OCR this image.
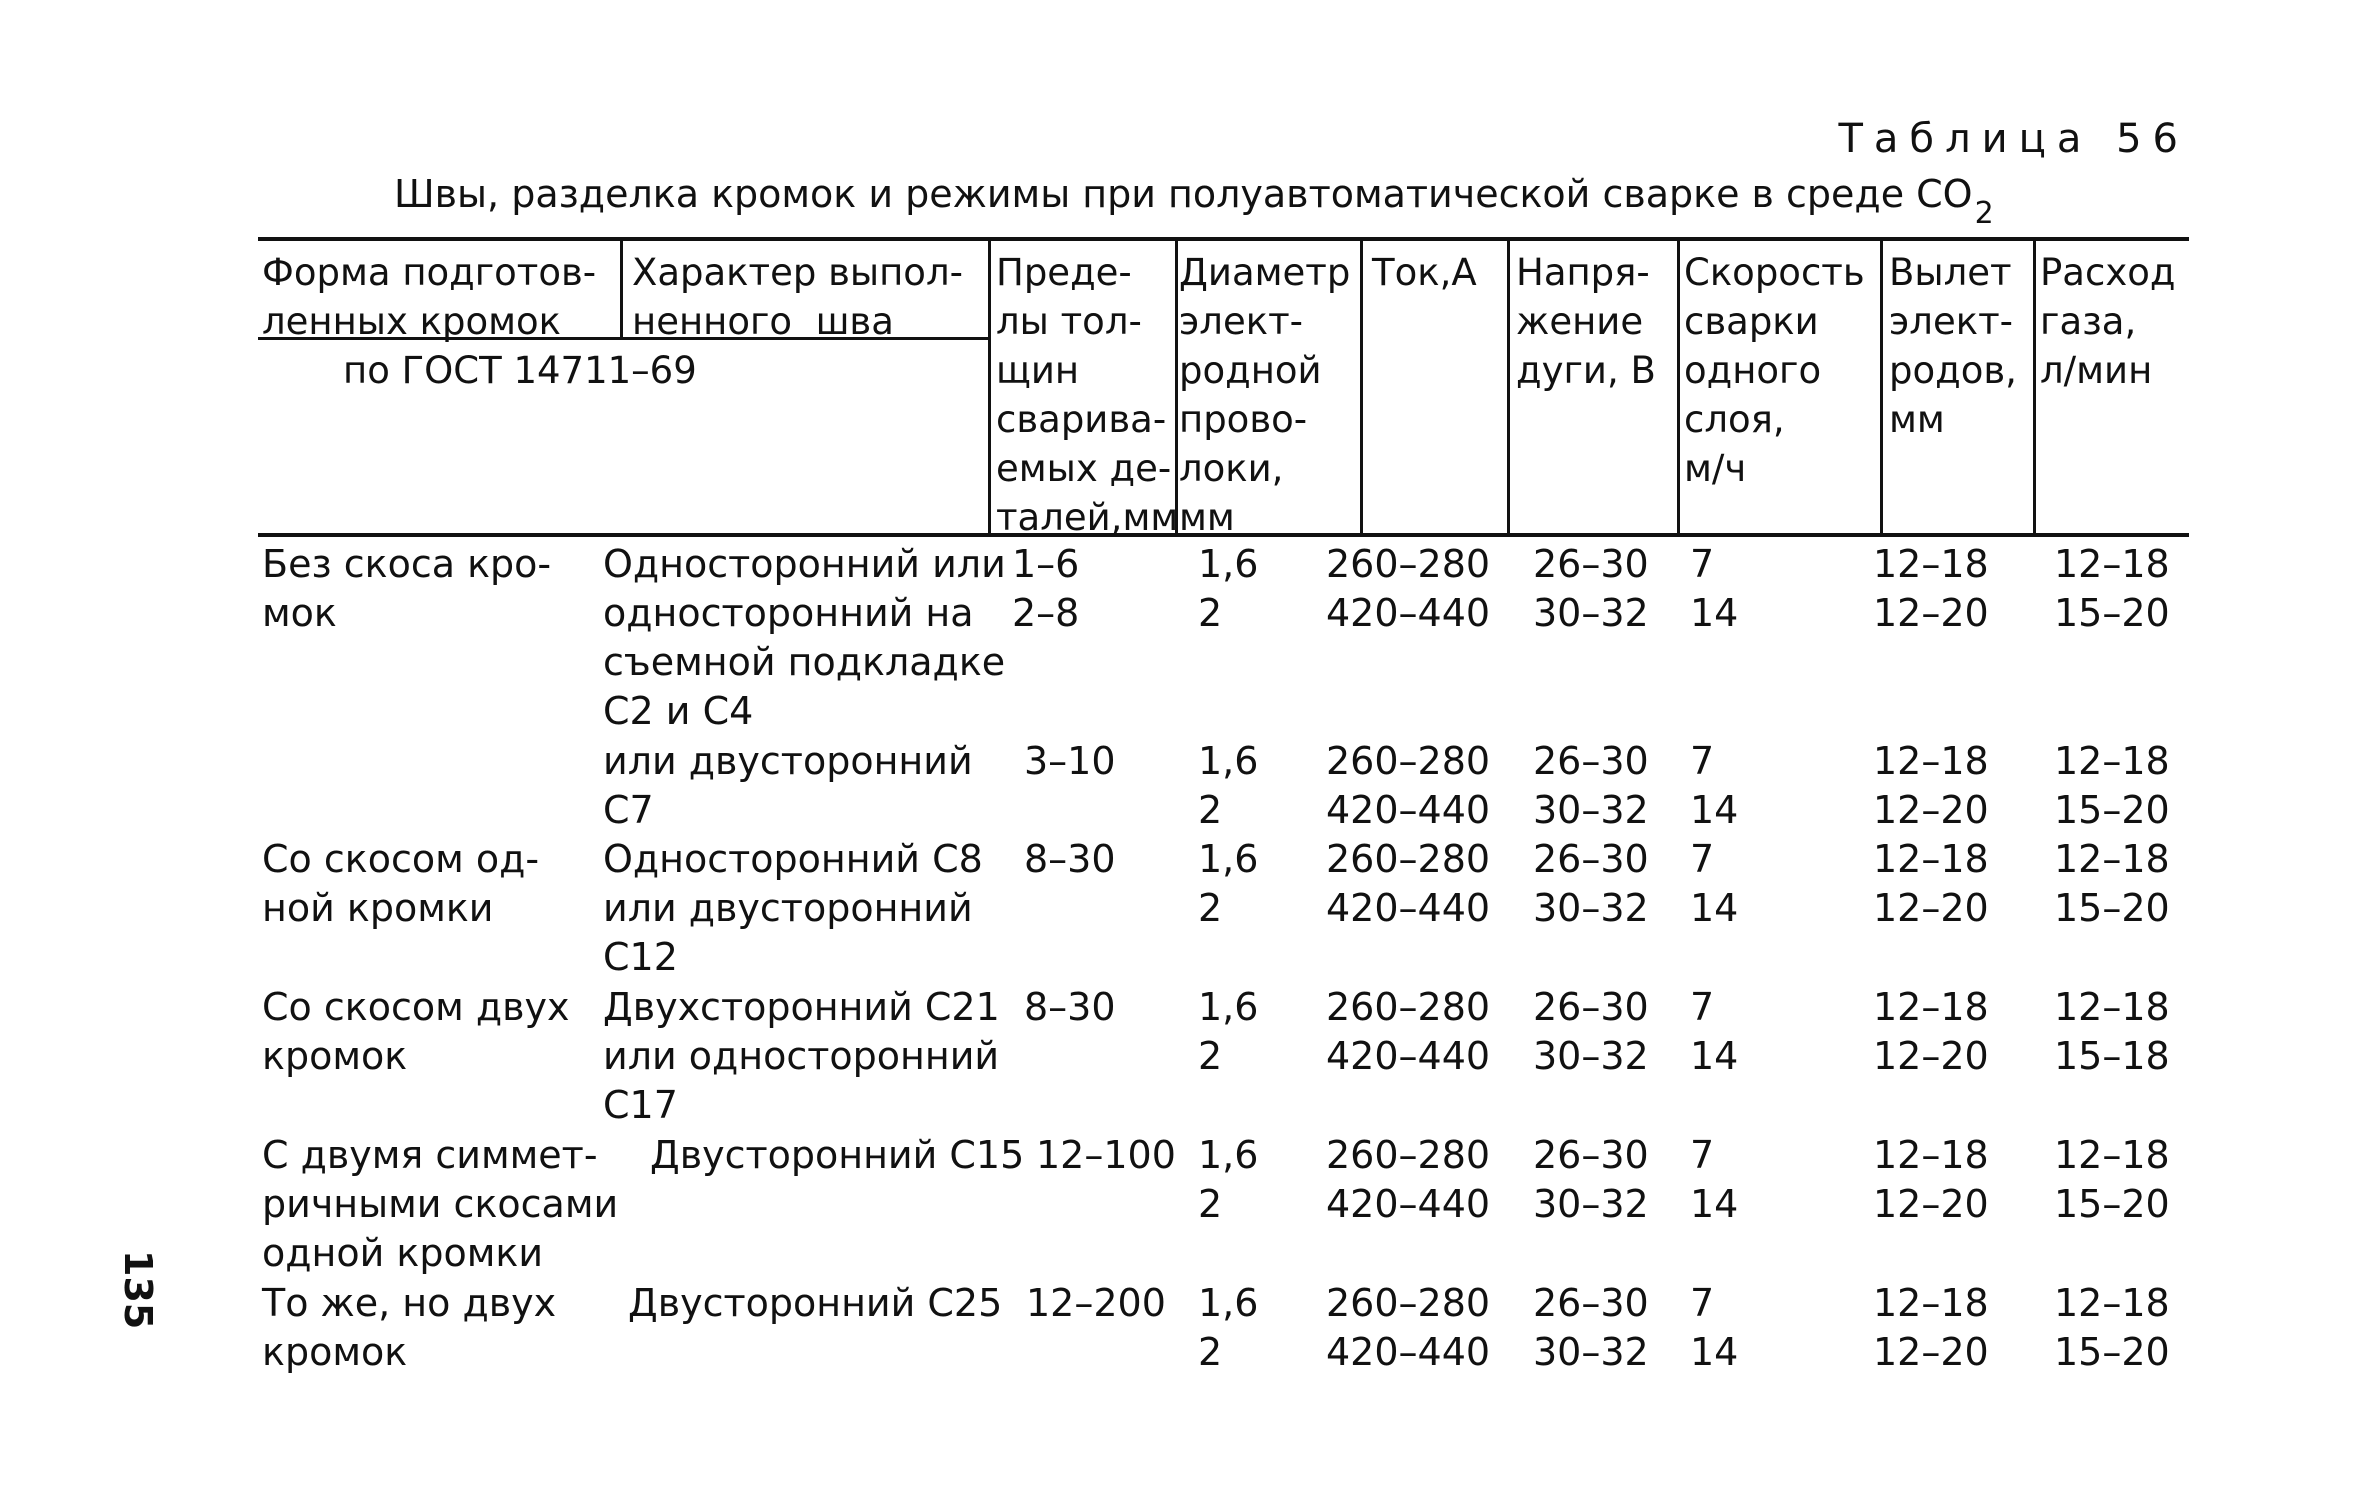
Таблица 56
Швы, разделка кромок и режимы при полуавтоматической сварке в среде $CO_2$
Форма подготов-
ленных кромок
Характер выпол-
ненного  шва
по ГОСТ 14711–69
Преде-
лы тол-
щин
сварива-
емых де-
талей,мм
Диаметр
элект-
родной
прово-
локи,
мм
Ток,А Напря-
жение
дуги, В
Скорость
сварки
одного
слоя,
м/ч
Вылет
элект-
родов,
мм
Расход
газа,
л/мин
Без скоса кро-
мок
Односторонний или
односторонний на
съемной подкладке
С2 и С4
1–6
2–8
1,6
2
260–280
420–440
26–30
30–32
7
14
12–18
12–20
12–18
15–20
или двусторонний
С7
3–10 1,6
2
260–280
420–440
26–30
30–32
7
14
12–18
12–20
12–18
15–20
Со скосом од-
ной кромки
Односторонний С8
или двусторонний
С12
8–30 1,6
2
260–280
420–440
26–30
30–32
7
14
12–18
12–20
12–18
15–20
Со скосом двух
кромок
Двухсторонний С21
или односторонний
С17
8–30 1,6
2
260–280
420–440
26–30
30–32
7
14
12–18
12–20
12–18
15–18
С двумя симмет-
ричными скосами
одной кромки
Двусторонний С15 12–100 1,6
2
260–280
420–440
26–30
30–32
7
14
12–18
12–20
12–18
15–20
То же, но двух
кромок
Двусторонний С25 12–200 1,6
2
260–280
420–440
26–30
30–32
7
14
12–18
12–20
12–18
15–20
135
